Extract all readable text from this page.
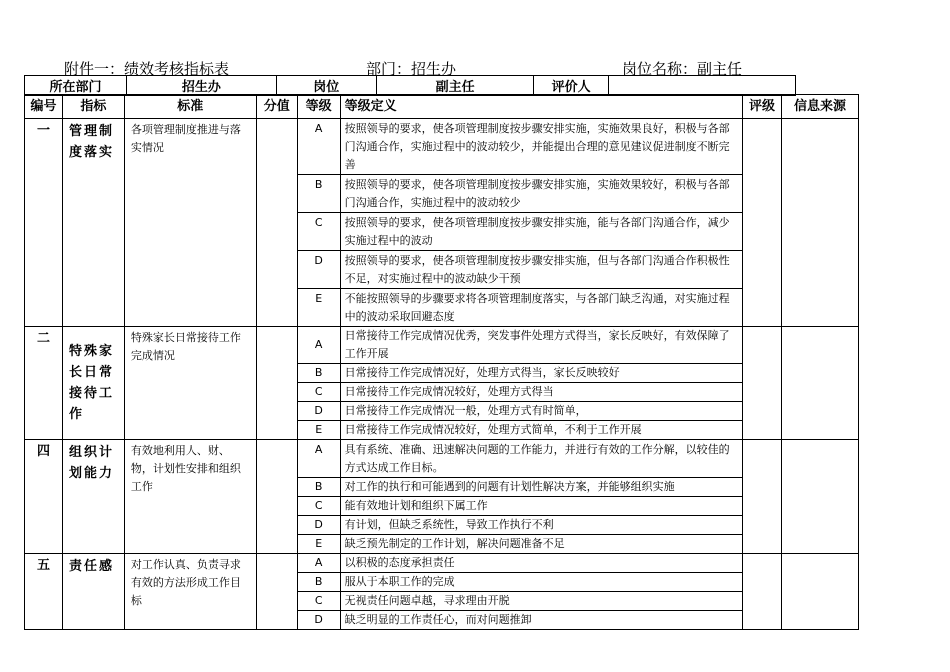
附件一：绩效考核指标表	部门：招生办	岗位名称：副主任
所在部门	招生办	岗位	副主任	评价人	
编号	指标	标准	分值	等级	等级定义	评级	信息来源
一	管理制度落实	各项管理制度推进与落实情况		A	按照领导的要求，使各项管理制度按步骤安排实施，实施效果良好，积极与各部门沟通合作，实施过程中的波动较少，并能提出合理的意见建议促进制度不断完善		
				B	按照领导的要求，使各项管理制度按步骤安排实施，实施效果较好，积极与各部门沟通合作，实施过程中的波动较少		
				C	按照领导的要求，使各项管理制度按步骤安排实施，能与各部门沟通合作，减少实施过程中的波动		
				D	按照领导的要求，使各项管理制度按步骤安排实施，但与各部门沟通合作积极性不足，对实施过程中的波动缺少干预		
				E	不能按照领导的步骤要求将各项管理制度落实，与各部门缺乏沟通，对实施过程中的波动采取回避态度		
二	特殊家长日常接待工作	特殊家长日常接待工作完成情况		A	日常接待工作完成情况优秀，突发事件处理方式得当，家长反映好，有效保障了工作开展		
				B	日常接待工作完成情况好，处理方式得当，家长反映较好		
				C	日常接待工作完成情况较好，处理方式得当		
				D	日常接待工作完成情况一般，处理方式有时简单，		
				E	日常接待工作完成情况较好，处理方式简单，不利于工作开展		
四	组织计划能力	有效地利用人、财、物，计划性安排和组织工作		A	具有系统、准确、迅速解决问题的工作能力，并进行有效的工作分解，以较佳的方式达成工作目标。		
				B	对工作的执行和可能遇到的问题有计划性解决方案，并能够组织实施		
				C	能有效地计划和组织下属工作		
				D	有计划，但缺乏系统性，导致工作执行不利		
				E	缺乏预先制定的工作计划，解决问题准备不足		
五	责任感	对工作认真、负责寻求有效的方法形成工作目标		A	以积极的态度承担责任		
				B	服从于本职工作的完成		
				C	无视责任问题卓越，寻求理由开脱		
				D	缺乏明显的工作责任心，而对问题推卸		
